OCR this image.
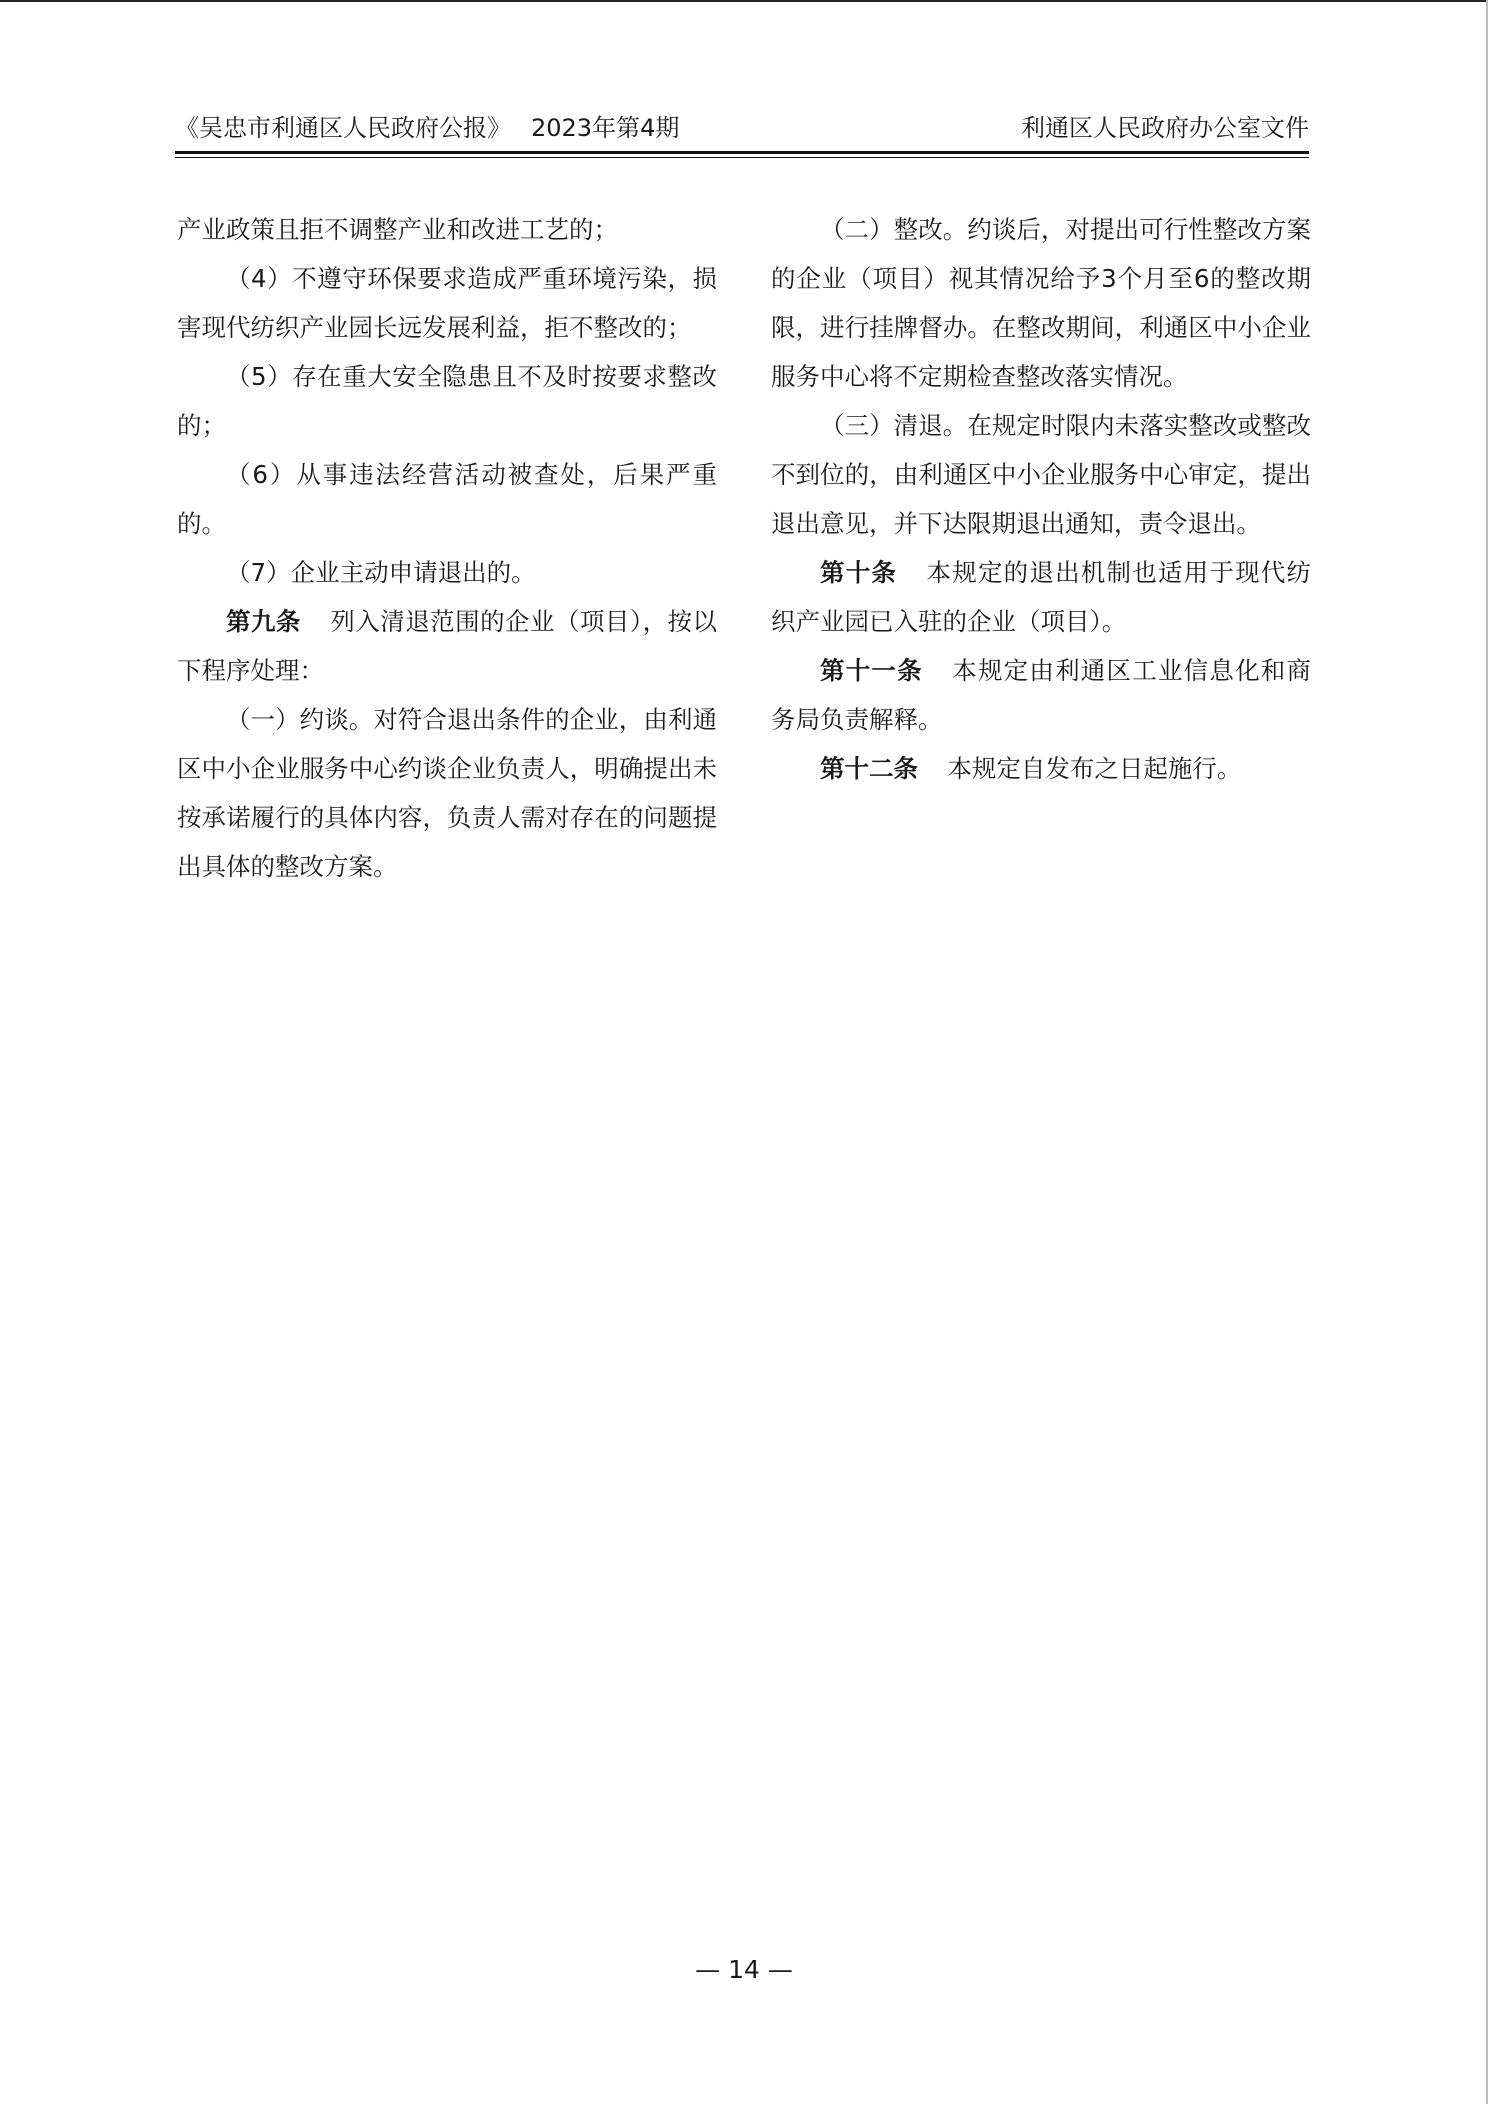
《吴忠市利通区人民政府公报》 2023年第4期	利通区人民政府办公室文件

产业政策且拒不调整产业和改进工艺的；

（4）不遵守环保要求造成严重环境污染，损害现代纺织产业园长远发展利益，拒不整改的；

（5）存在重大安全隐患且不及时按要求整改的；

（6）从事违法经营活动被查处，后果严重的。

（7）企业主动申请退出的。

第九条 列入清退范围的企业（项目），按以下程序处理：

（一）约谈。对符合退出条件的企业，由利通区中小企业服务中心约谈企业负责人，明确提出未按承诺履行的具体内容，负责人需对存在的问题提出具体的整改方案。

（二）整改。约谈后，对提出可行性整改方案的企业（项目）视其情况给予3个月至6的整改期限，进行挂牌督办。在整改期间，利通区中小企业服务中心将不定期检查整改落实情况。

（三）清退。在规定时限内未落实整改或整改不到位的，由利通区中小企业服务中心审定，提出退出意见，并下达限期退出通知，责令退出。

第十条 本规定的退出机制也适用于现代纺织产业园已入驻的企业（项目）。

第十一条 本规定由利通区工业信息化和商务局负责解释。

第十二条 本规定自发布之日起施行。

— 14 —
